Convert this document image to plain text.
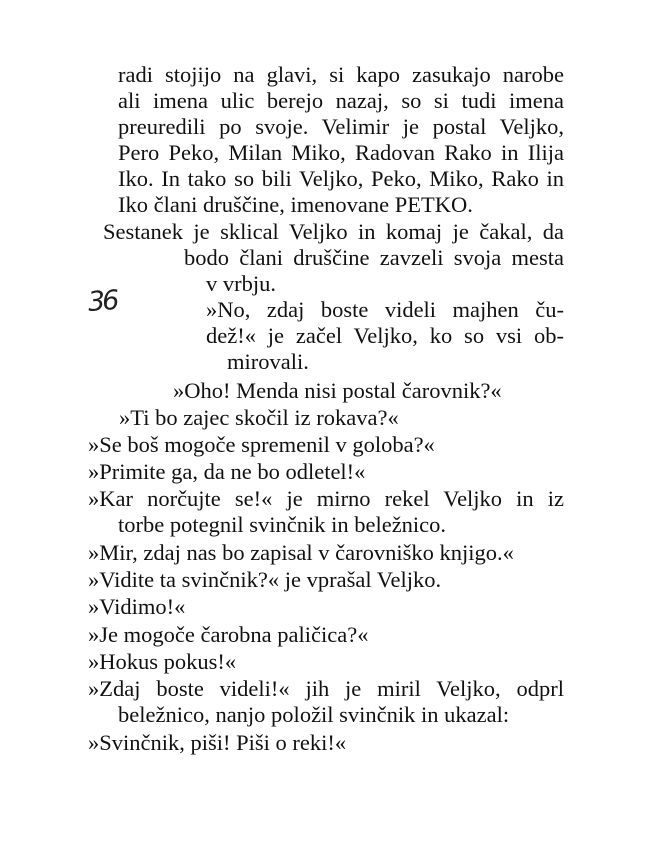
radi stojijo na glavi, si kapo zasukajo narobe
ali imena ulic berejo nazaj, so si tudi imena
preuredili po svoje. Velimir je postal Veljko,
Pero Peko, Milan Miko, Radovan Rako in Ilija
Iko. In tako so bili Veljko, Peko, Miko, Rako in
Iko člani druščine, imenovane PETKO.
Sestanek je sklical Veljko in komaj je čakal, da
bodo člani druščine zavzeli svoja mesta
v vrbju.
36	»No, zdaj boste videli majhen ču-
dež!« je začel Veljko, ko so vsi ob-
mirovali.
»Oho! Menda nisi postal čarovnik?«
»Ti bo zajec skočil iz rokava?«
»Se boš mogoče spremenil v goloba?«
»Primite ga, da ne bo odletel!«
»Kar norčujte se!« je mirno rekel Veljko in iz
torbe potegnil svinčnik in beležnico.
»Mir, zdaj nas bo zapisal v čarovniško knjigo.«
»Vidite ta svinčnik?« je vprašal Veljko.
»Vidimo!«
»Je mogoče čarobna paličica?«
»Hokus pokus!«
»Zdaj boste videli!« jih je miril Veljko, odprl
beležnico, nanjo položil svinčnik in ukazal:
»Svinčnik, piši! Piši o reki!«
